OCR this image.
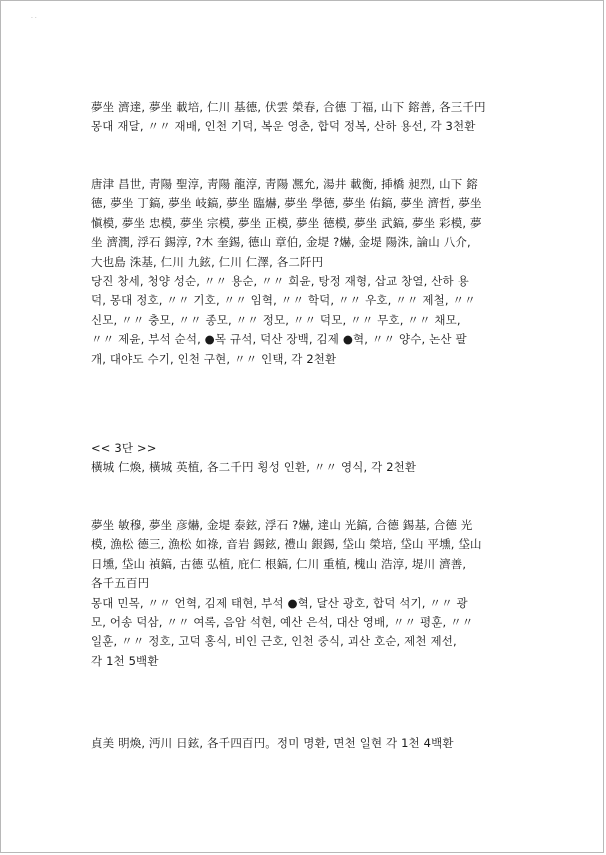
· ·
夢坐 濟達, 夢坐 載培, 仁川 基德, 伏雲 榮春, 合德 丁福, 山下 鎔善, 各三千円
몽대 재달, 〃〃 재배, 인천 기덕, 복운 영춘, 합덕 정복, 산하 용선, 각 3천환
唐津 昌世, 靑陽 聖淳, 靑陽 龍淳, 靑陽 凞允, 湯井 載衡, 揷橋 昶烈, 山下 鎔
德, 夢坐 丁鎬, 夢坐 岐鎬, 夢坐 臨爀, 夢坐 學德, 夢坐 佑鎬, 夢坐 濟哲, 夢坐
愼模, 夢坐 忠模, 夢坐 宗模, 夢坐 正模, 夢坐 德模, 夢坐 武鎬, 夢坐 彩模, 夢
坐 濟潤, 浮石 錫淳, ?木 奎錫, 德山 章伯, 金堤 ?爀, 金堤 陽洙, 論山 八介,
大也島 洙基, 仁川 九鉉, 仁川 仁澤, 各二阡円
당진 창세, 청양 성순, 〃〃 용순, 〃〃 희윤, 탕정 재형, 삽교 창열, 산하 용
덕, 몽대 정호, 〃〃 기호, 〃〃 임혁, 〃〃 학덕, 〃〃 우호, 〃〃 제철, 〃〃
신모, 〃〃 충모, 〃〃 종모, 〃〃 정모, 〃〃 덕모, 〃〃 무호, 〃〃 채모,
〃〃 제윤, 부석 순석, ●목 규석, 덕산 장백, 김제 ●혁, 〃〃 양수, 논산 팔
개, 대야도 수기, 인천 구현, 〃〃 인택, 각 2천환
<< 3단 >>
橫城 仁煥, 橫城 英植, 各二千円 횡성 인환, 〃〃 영식, 각 2천환
夢坐 敏穆, 夢坐 彦爀, 金堤 泰鉉, 浮石 ?爀, 達山 光鎬, 合德 錫基, 合德 光
模, 漁松 德三, 漁松 如祿, 音岩 錫鉉, 禮山 銀錫, 垈山 榮培, 垈山 平壎, 垈山
日壎, 垈山 禎鎬, 古德 弘植, 庇仁 根鎬, 仁川 重植, 槐山 浩淳, 堤川 濟善,
各千五百円
몽대 민목, 〃〃 언혁, 김제 태현, 부석 ●혁, 달산 광호, 합덕 석기, 〃〃 광
모, 어송 덕삼, 〃〃 여록, 음암 석현, 예산 은석, 대산 영배, 〃〃 평훈, 〃〃
일훈, 〃〃 정호, 고덕 홍식, 비인 근호, 인천 중식, 괴산 호순, 제천 제선,
각 1천 5백환
貞美 明煥, 沔川 日鉉, 各千四百円。정미 명환, 면천 일현 각 1천 4백환
